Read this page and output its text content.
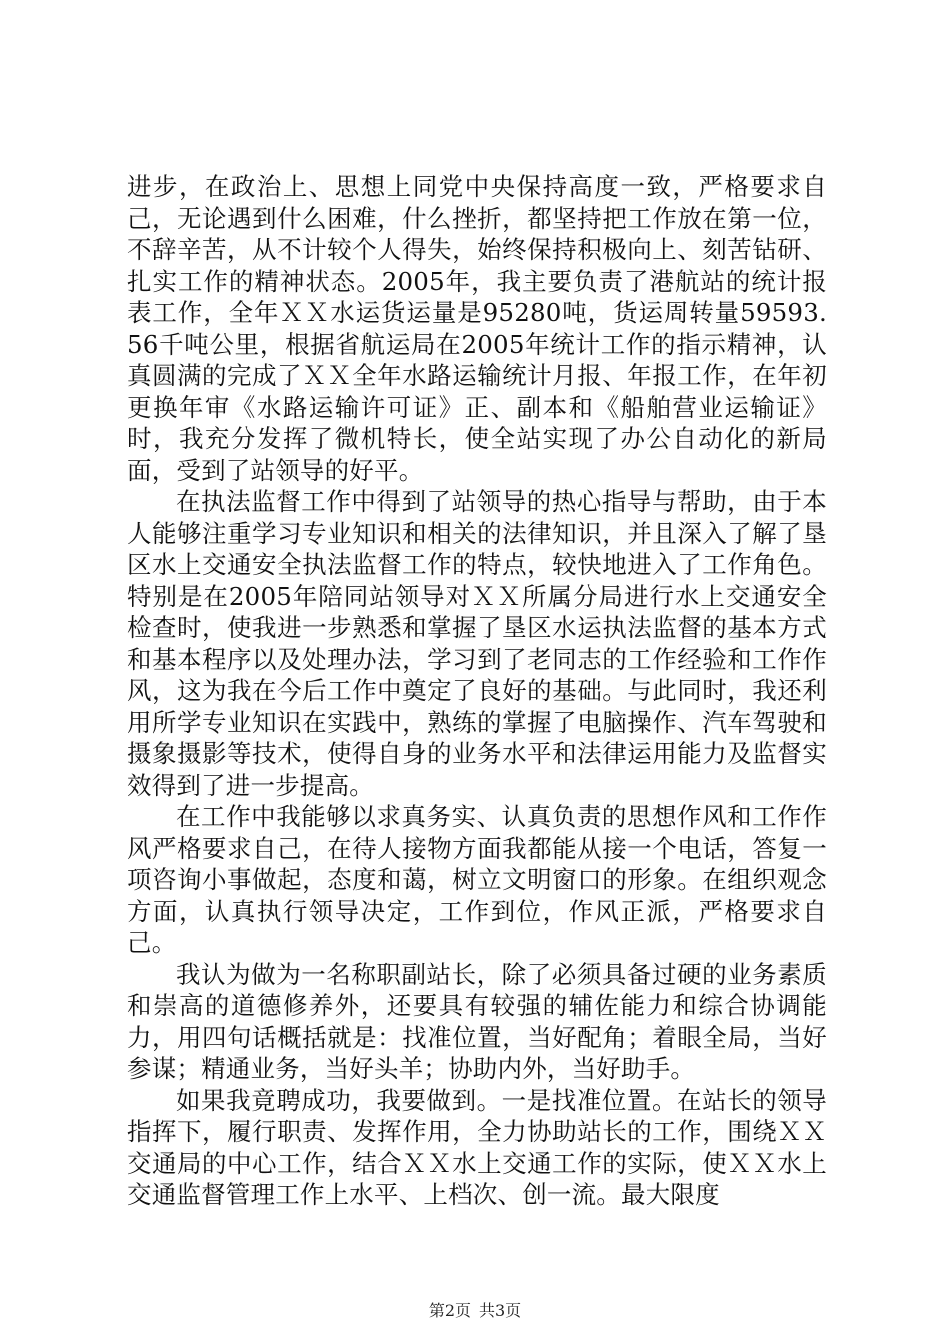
进步，在政治上、思想上同党中央保持高度一致，严格要求自己，无论遇到什么困难，什么挫折，都坚持把工作放在第一位，不辞辛苦，从不计较个人得失，始终保持积极向上、刻苦钻研、扎实工作的精神状态。2005年，我主要负责了港航站的统计报表工作，全年ＸＸ水运货运量是95280吨，货运周转量59593.56千吨公里，根据省航运局在2005年统计工作的指示精神，认真圆满的完成了ＸＸ全年水路运输统计月报、年报工作，在年初更换年审《水路运输许可证》正、副本和《船舶营业运输证》时，我充分发挥了微机特长，使全站实现了办公自动化的新局面，受到了站领导的好平。

在执法监督工作中得到了站领导的热心指导与帮助，由于本人能够注重学习专业知识和相关的法律知识，并且深入了解了垦区水上交通安全执法监督工作的特点，较快地进入了工作角色。特别是在2005年陪同站领导对ＸＸ所属分局进行水上交通安全检查时，使我进一步熟悉和掌握了垦区水运执法监督的基本方式和基本程序以及处理办法，学习到了老同志的工作经验和工作作风，这为我在今后工作中奠定了良好的基础。与此同时，我还利用所学专业知识在实践中，熟练的掌握了电脑操作、汽车驾驶和摄象摄影等技术，使得自身的业务水平和法律运用能力及监督实效得到了进一步提高。

在工作中我能够以求真务实、认真负责的思想作风和工作作风严格要求自己，在待人接物方面我都能从接一个电话，答复一项咨询小事做起，态度和蔼，树立文明窗口的形象。在组织观念方面，认真执行领导决定，工作到位，作风正派，严格要求自己。

我认为做为一名称职副站长，除了必须具备过硬的业务素质和崇高的道德修养外，还要具有较强的辅佐能力和综合协调能力，用四句话概括就是：找准位置，当好配角；着眼全局，当好参谋；精通业务，当好头羊；协助内外，当好助手。

如果我竟聘成功，我要做到。一是找准位置。在站长的领导指挥下，履行职责、发挥作用，全力协助站长的工作，围绕ＸＸ交通局的中心工作，结合ＸＸ水上交通工作的实际，使ＸＸ水上交通监督管理工作上水平、上档次、创一流。最大限度

第2页 共3页
